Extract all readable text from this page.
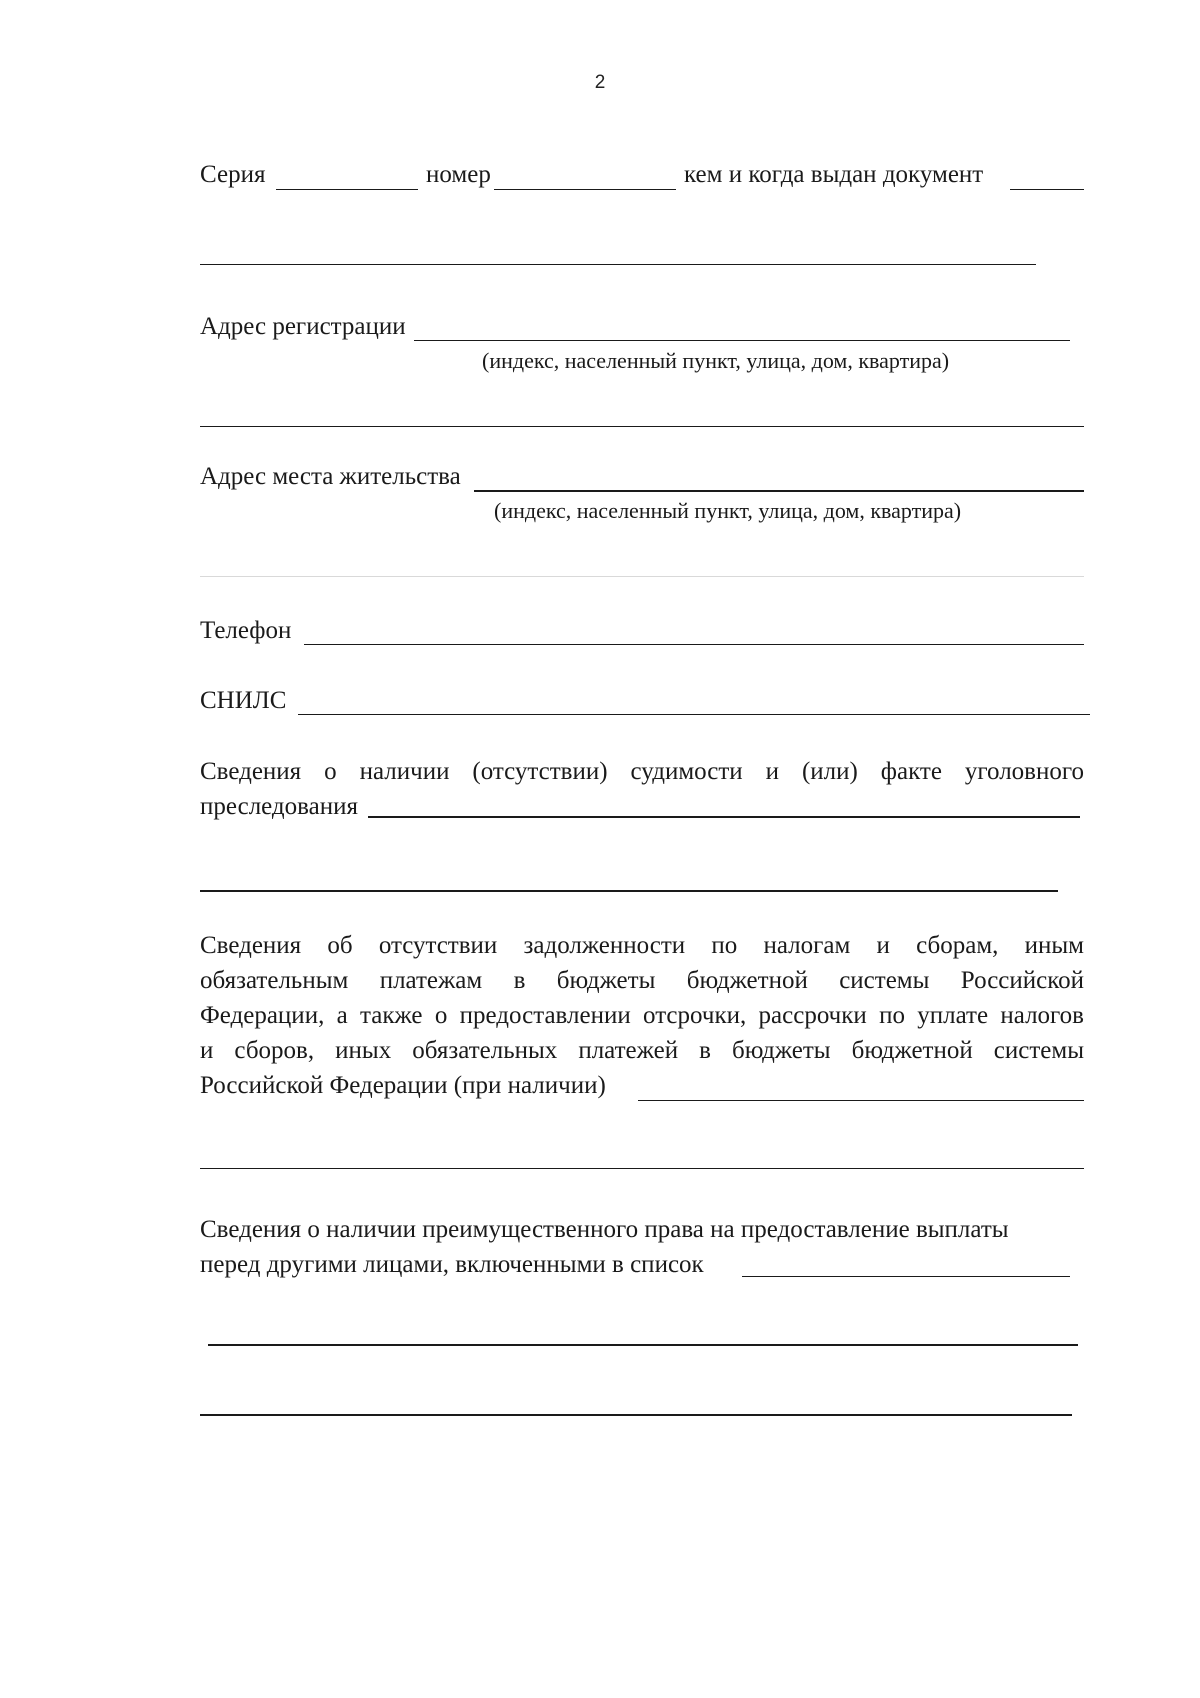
2
Серия	номер	кем и когда выдан документ
Адрес регистрации
(индекс, населенный пункт, улица, дом, квартира)
Адрес места жительства
(индекс, населенный пункт, улица, дом, квартира)
Телефон
СНИЛС
Сведения о наличии (отсутствии) судимости и (или) факте уголовного
преследования
Сведения об отсутствии задолженности по налогам и сборам, иным
обязательным платежам в бюджеты бюджетной системы Российской
Федерации, а также о предоставлении отсрочки, рассрочки по уплате налогов
и сборов, иных обязательных платежей в бюджеты бюджетной системы
Российской Федерации (при наличии)
Сведения о наличии преимущественного права на предоставление выплаты
перед другими лицами, включенными в список
